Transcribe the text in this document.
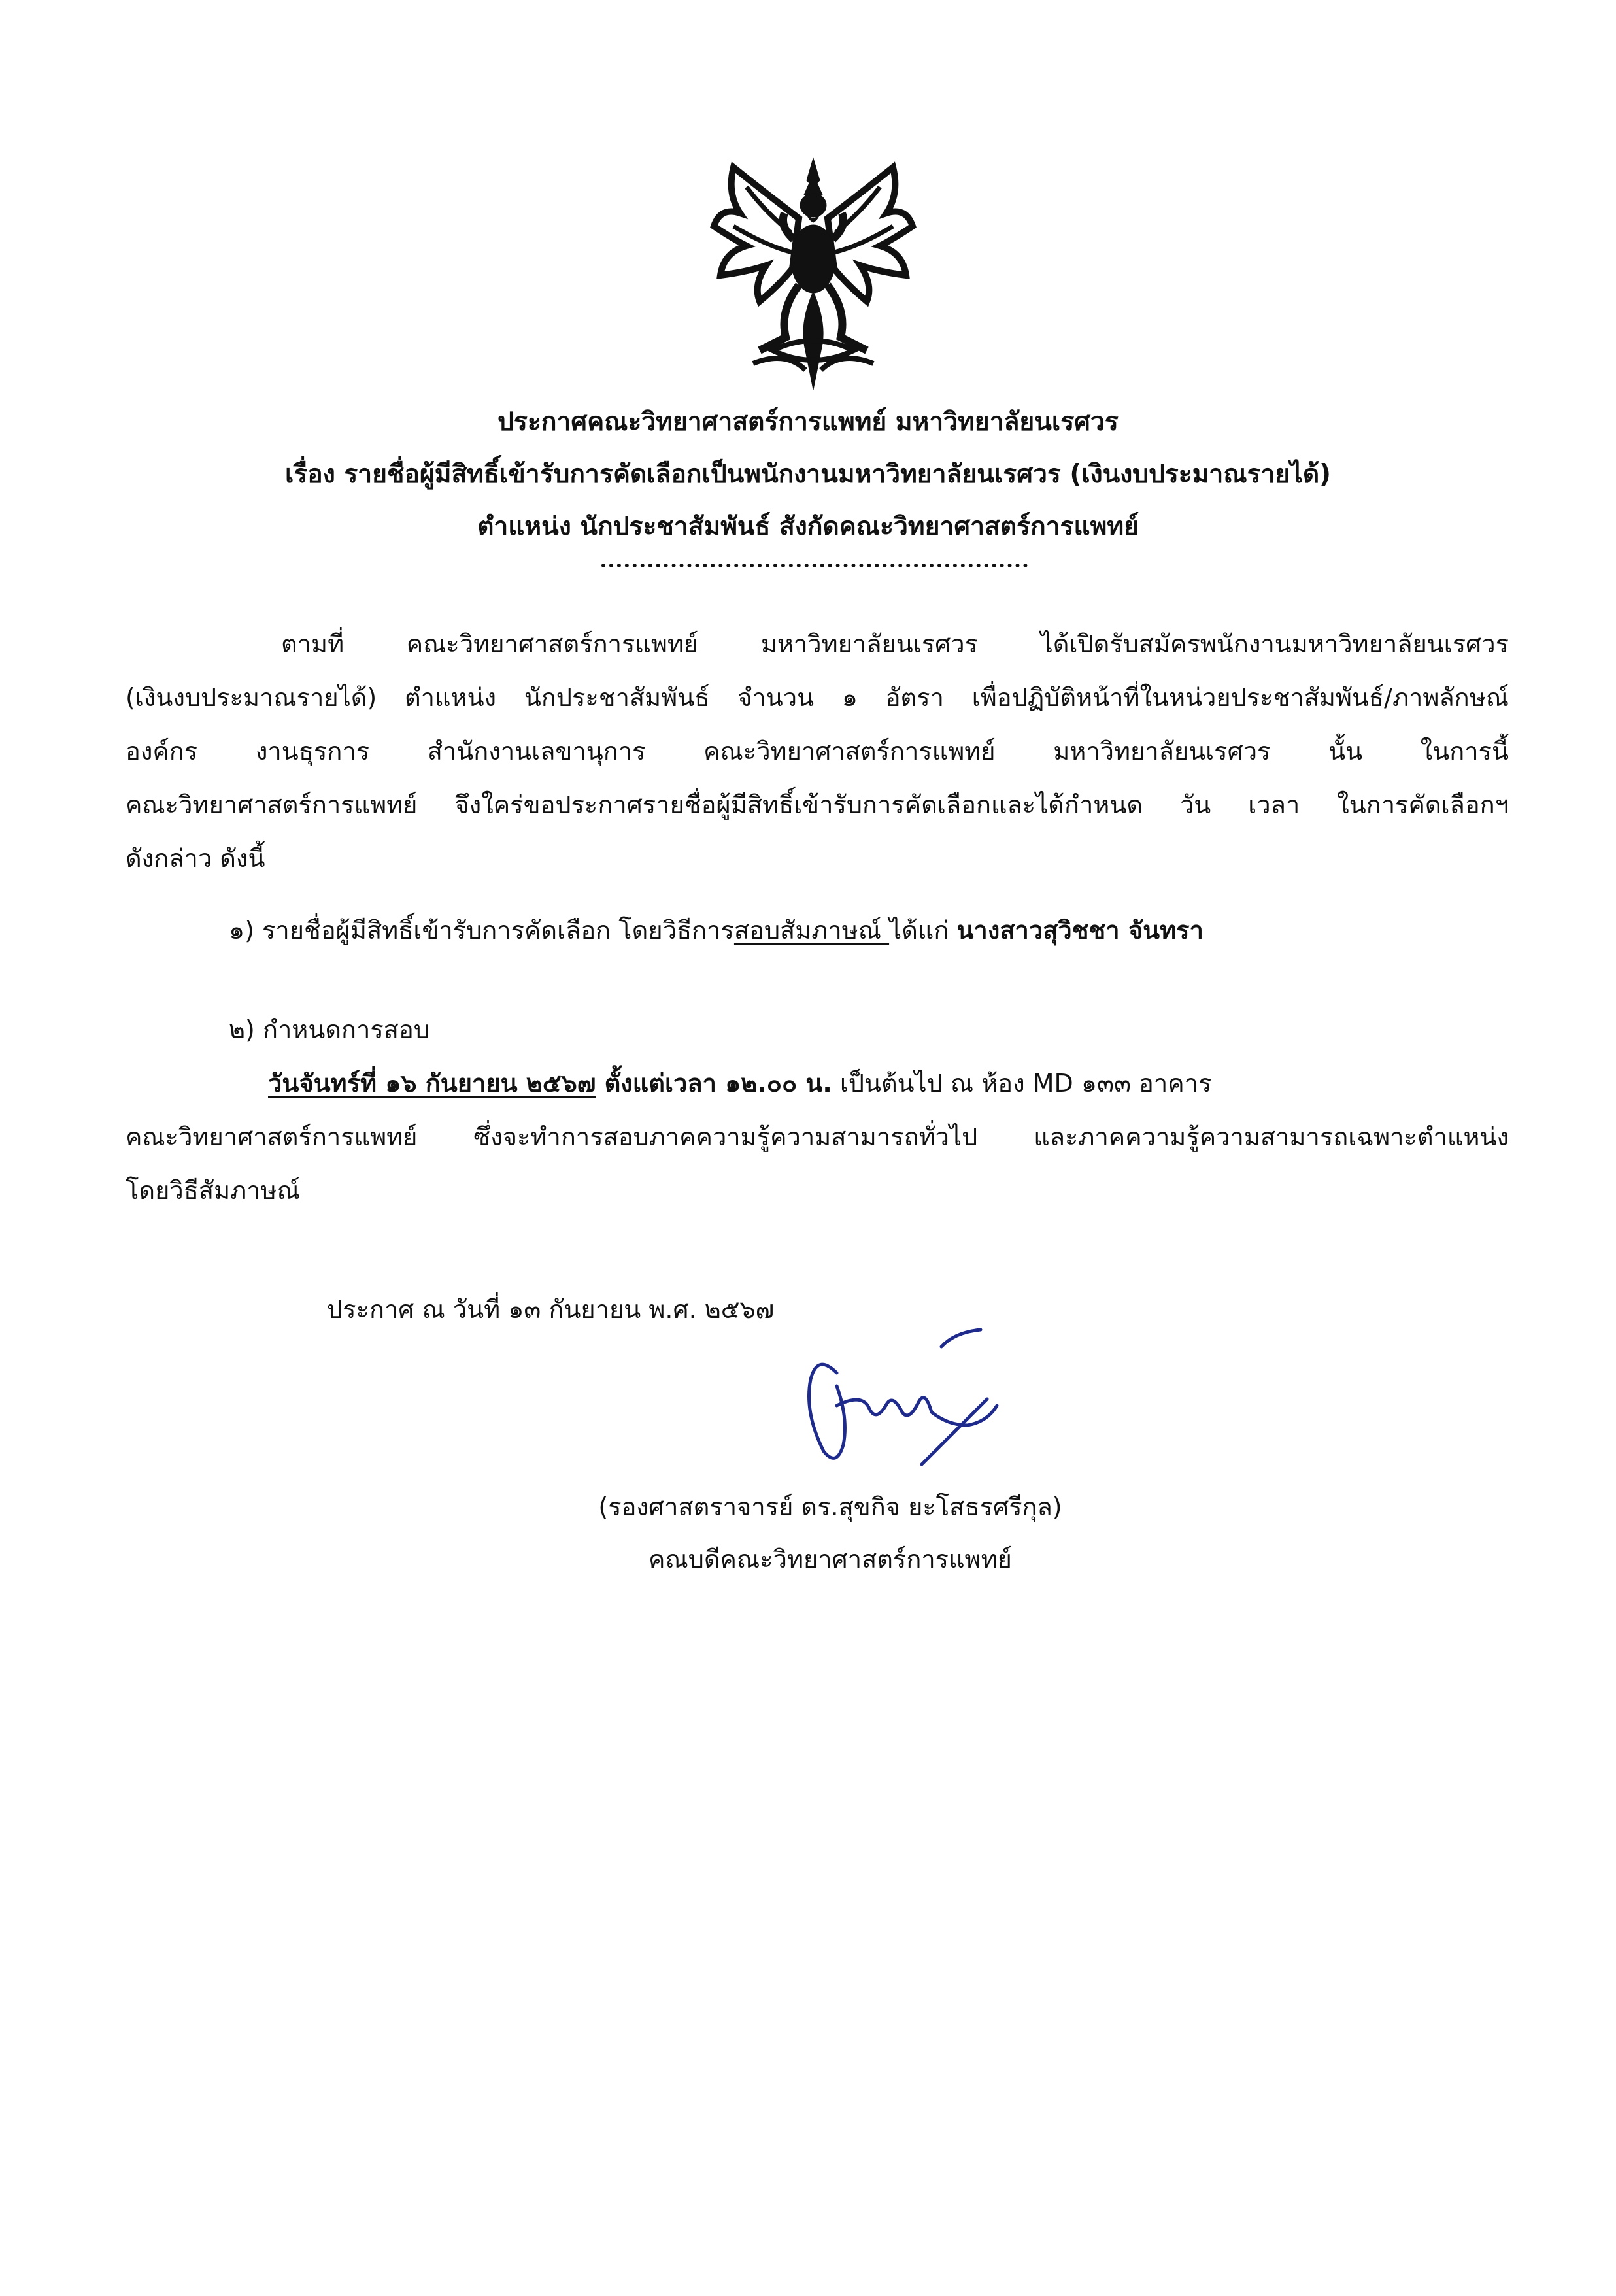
ประกาศคณะวิทยาศาสตร์การแพทย์ มหาวิทยาลัยนเรศวร
เรื่อง รายชื่อผู้มีสิทธิ์เข้ารับการคัดเลือกเป็นพนักงานมหาวิทยาลัยนเรศวร (เงินงบประมาณรายได้)
ตำแหน่ง นักประชาสัมพันธ์ สังกัดคณะวิทยาศาสตร์การแพทย์
ตามที่ คณะวิทยาศาสตร์การแพทย์ มหาวิทยาลัยนเรศวร ได้เปิดรับสมัครพนักงานมหาวิทยาลัยนเรศวร
(เงินงบประมาณรายได้) ตำแหน่ง นักประชาสัมพันธ์ จำนวน ๑ อัตรา เพื่อปฏิบัติหน้าที่ในหน่วยประชาสัมพันธ์/ภาพลักษณ์
องค์กร งานธุรการ สำนักงานเลขานุการ คณะวิทยาศาสตร์การแพทย์ มหาวิทยาลัยนเรศวร นั้น ในการนี้
คณะวิทยาศาสตร์การแพทย์ จึงใคร่ขอประกาศรายชื่อผู้มีสิทธิ์เข้ารับการคัดเลือกและได้กำหนด วัน เวลา ในการคัดเลือกฯ
ดังกล่าว ดังนี้
๑) รายชื่อผู้มีสิทธิ์เข้ารับการคัดเลือก โดยวิธีการสอบสัมภาษณ์ ได้แก่ นางสาวสุวิชชา จันทรา
๒) กำหนดการสอบ
วันจันทร์ที่ ๑๖ กันยายน ๒๕๖๗ ตั้งแต่เวลา ๑๒.๐๐ น. เป็นต้นไป ณ ห้อง MD ๑๓๓ อาคาร
คณะวิทยาศาสตร์การแพทย์ ซึ่งจะทำการสอบภาคความรู้ความสามารถทั่วไป และภาคความรู้ความสามารถเฉพาะตำแหน่ง
โดยวิธีสัมภาษณ์
ประกาศ ณ วันที่ ๑๓ กันยายน พ.ศ. ๒๕๖๗
(รองศาสตราจารย์ ดร.สุขกิจ ยะโสธรศรีกุล)
คณบดีคณะวิทยาศาสตร์การแพทย์
